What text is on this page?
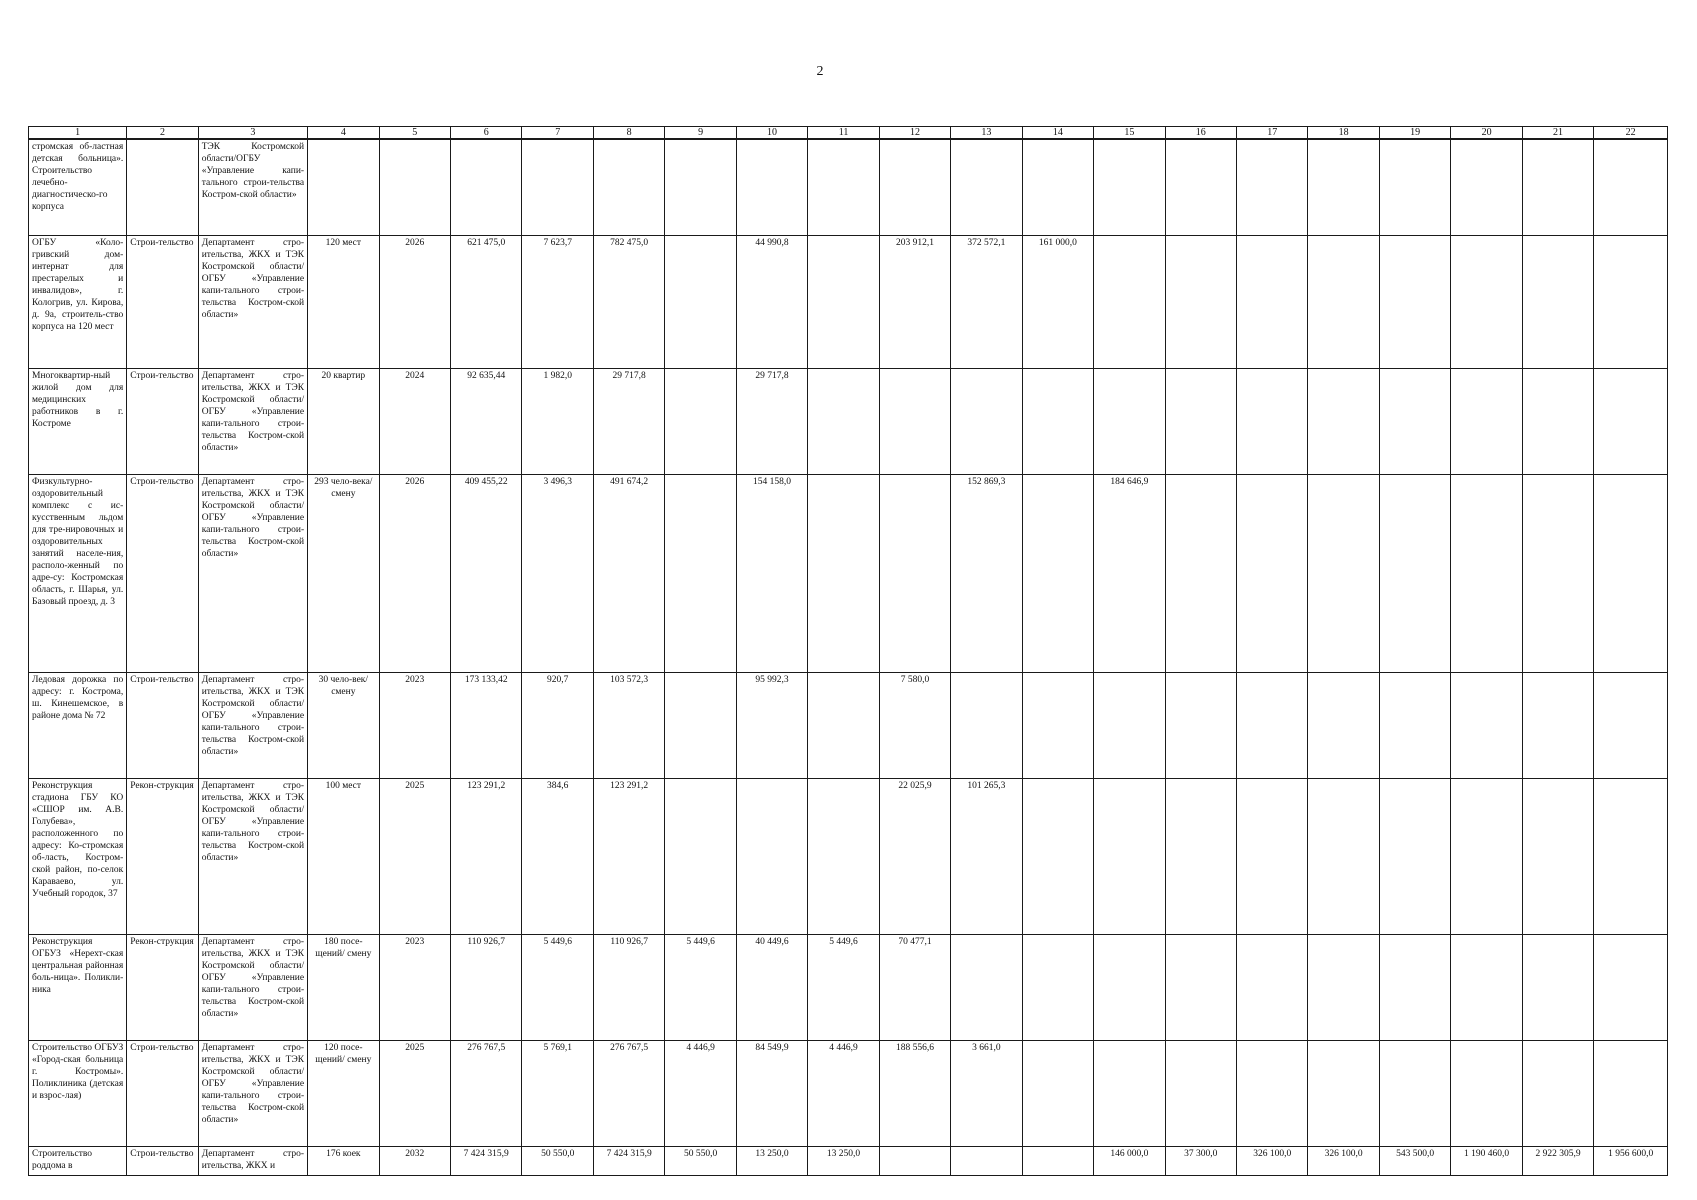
2
1	2	3	4	5	6	7	8	9	10	11	12	13	14	15	16	17	18	19	20	21	22
стромская об-ластная детская больница». Строительство лечебно-диагностическо-го корпуса		ТЭК Костромской области/ОГБУ «Управление капи-тального строи-тельства Костром-ской области»																			
ОГБУ «Коло-гривский дом-интернат для престарелых и инвалидов», г. Кологрив, ул. Кирова, д. 9а, строитель-ство корпуса на 120 мест	Строи-тельство	Департамент стро-ительства, ЖКХ и ТЭК Костромской области/ОГБУ «Управление капи-тального строи-тельства Костром-ской области»	120 мест	2026	621 475,0	7 623,7	782 475,0		44 990,8		203 912,1	372 572,1	161 000,0								
Многоквартир-ный жилой дом для медицинских работников в г. Костроме	Строи-тельство	Департамент стро-ительства, ЖКХ и ТЭК Костромской области/ОГБУ «Управление капи-тального строи-тельства Костром-ской области»	20 квартир	2024	92 635,44	1 982,0	29 717,8		29 717,8												
Физкультурно-оздоровительный комплекс с ис-кусственным льдом для тре-нировочных и оздоровительных занятий населе-ния, располо-женный по адре-су: Костромская область, г. Шарья, ул. Базовый проезд, д. 3	Строи-тельство	Департамент стро-ительства, ЖКХ и ТЭК Костромской области/ОГБУ «Управление капи-тального строи-тельства Костром-ской области»	293 чело-века/ смену	2026	409 455,22	3 496,3	491 674,2		154 158,0			152 869,3		184 646,9							
Ледовая дорожка по адресу: г. Кострома, ш. Кинешемское, в районе дома № 72	Строи-тельство	Департамент стро-ительства, ЖКХ и ТЭК Костромской области/ОГБУ «Управление капи-тального строи-тельства Костром-ской области»	30 чело-век/ смену	2023	173 133,42	920,7	103 572,3		95 992,3		7 580,0										
Реконструкция стадиона ГБУ КО «СШОР им. А.В. Голубева», расположенного по адресу: Ко-стромская об-ласть, Костром-ской район, по-селок Караваево, ул. Учебный городок, 37	Рекон-струкция	Департамент стро-ительства, ЖКХ и ТЭК Костромской области/ОГБУ «Управление капи-тального строи-тельства Костром-ской области»	100 мест	2025	123 291,2	384,6	123 291,2				22 025,9	101 265,3									
Реконструкция ОГБУЗ «Нерехт-ская центральная районная боль-ница». Поликли-ника	Рекон-струкция	Департамент стро-ительства, ЖКХ и ТЭК Костромской области/ОГБУ «Управление капи-тального строи-тельства Костром-ской области»	180 посе-щений/ смену	2023	110 926,7	5 449,6	110 926,7	5 449,6	40 449,6	5 449,6	70 477,1										
Строительство ОГБУЗ «Город-ская больница г. Костромы». Поликлиника (детская и взрос-лая)	Строи-тельство	Департамент стро-ительства, ЖКХ и ТЭК Костромской области/ОГБУ «Управление капи-тального строи-тельства Костром-ской области»	120 посе-щений/ смену	2025	276 767,5	5 769,1	276 767,5	4 446,9	84 549,9	4 446,9	188 556,6	3 661,0									
Строительство роддома в	Строи-тельство	Департамент стро-ительства, ЖКХ и	176 коек	2032	7 424 315,9	50 550,0	7 424 315,9	50 550,0	13 250,0	13 250,0				146 000,0	37 300,0	326 100,0	326 100,0	543 500,0	1 190 460,0	2 922 305,9	1 956 600,0
